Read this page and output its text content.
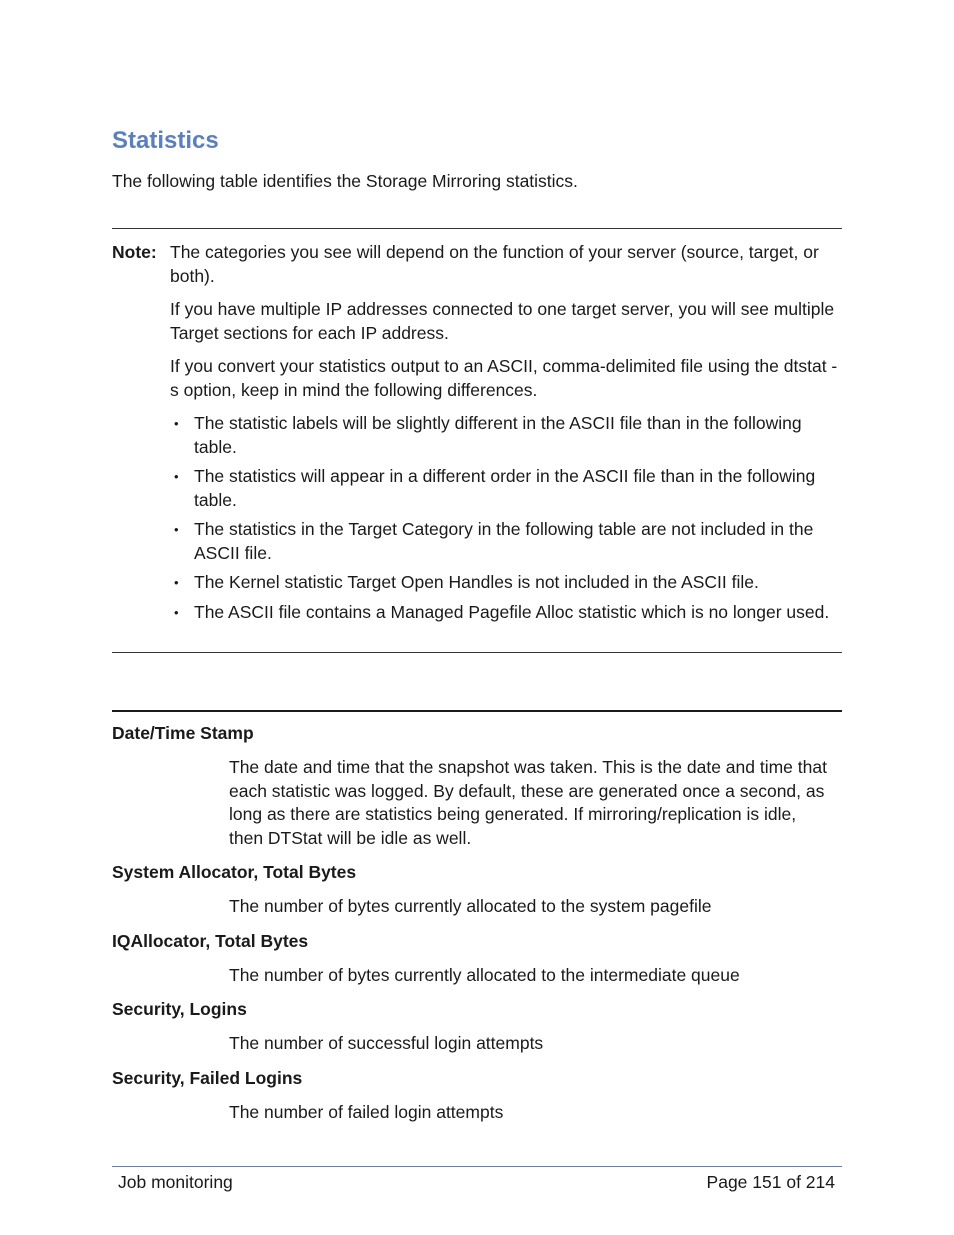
Statistics

The following table identifies the Storage Mirroring statistics.

Note: The categories you see will depend on the function of your server (source, target, or both).

If you have multiple IP addresses connected to one target server, you will see multiple Target sections for each IP address.

If you convert your statistics output to an ASCII, comma-delimited file using the dtstat -s option, keep in mind the following differences.

• The statistic labels will be slightly different in the ASCII file than in the following table.
• The statistics will appear in a different order in the ASCII file than in the following table.
• The statistics in the Target Category in the following table are not included in the ASCII file.
• The Kernel statistic Target Open Handles is not included in the ASCII file.
• The ASCII file contains a Managed Pagefile Alloc statistic which is no longer used.

Date/Time Stamp

The date and time that the snapshot was taken. This is the date and time that each statistic was logged. By default, these are generated once a second, as long as there are statistics being generated. If mirroring/replication is idle, then DTStat will be idle as well.

System Allocator, Total Bytes

The number of bytes currently allocated to the system pagefile

IQAllocator, Total Bytes

The number of bytes currently allocated to the intermediate queue

Security, Logins

The number of successful login attempts

Security, Failed Logins

The number of failed login attempts

Job monitoring	Page 151 of 214
